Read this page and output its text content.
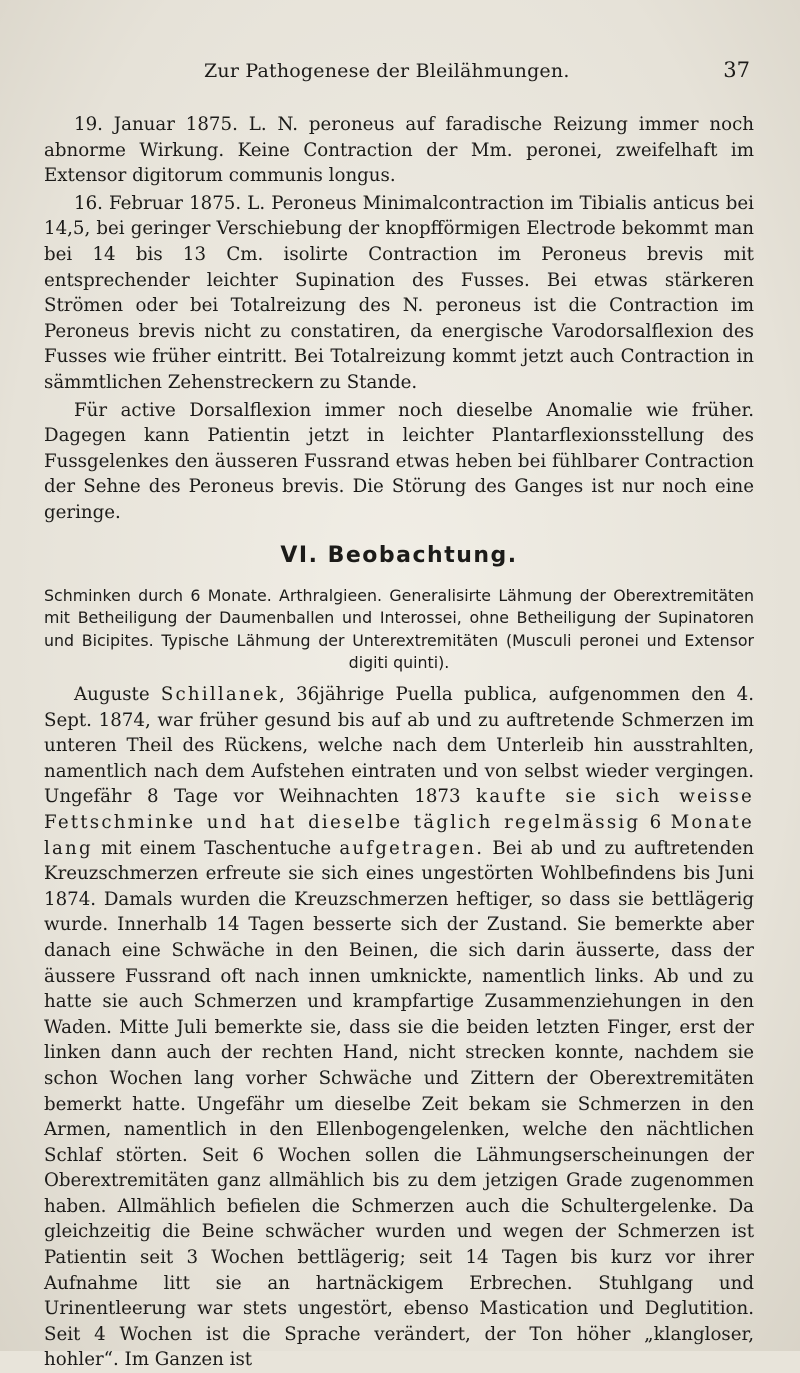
Zur Pathogenese der Bleilähmungen.	37

19. Januar 1875. L. N. peroneus auf faradische Reizung immer noch abnorme Wirkung. Keine Contraction der Mm. peronei, zweifelhaft im Extensor digitorum communis longus.

16. Februar 1875. L. Peroneus Minimalcontraction im Tibialis anticus bei 14,5, bei geringer Verschiebung der knopfförmigen Electrode bekommt man bei 14 bis 13 Cm. isolirte Contraction im Peroneus brevis mit entsprechender leichter Supination des Fusses. Bei etwas stärkeren Strömen oder bei Totalreizung des N. peroneus ist die Contraction im Peroneus brevis nicht zu constatiren, da energische Varodorsalflexion des Fusses wie früher eintritt. Bei Totalreizung kommt jetzt auch Contraction in sämmtlichen Zehenstreckern zu Stande.

Für active Dorsalflexion immer noch dieselbe Anomalie wie früher. Dagegen kann Patientin jetzt in leichter Plantarflexionsstellung des Fussgelenkes den äusseren Fussrand etwas heben bei fühlbarer Contraction der Sehne des Peroneus brevis. Die Störung des Ganges ist nur noch eine geringe.

VI. Beobachtung.
Schminken durch 6 Monate. Arthralgieen. Generalisirte Lähmung der Oberextremitäten mit Betheiligung der Daumenballen und Interossei, ohne Betheiligung der Supinatoren und Bicipites. Typische Lähmung der Unterextremitäten (Musculi peronei und Extensor digiti quinti).

Auguste Schillanek, 36jährige Puella publica, aufgenommen den 4. Sept. 1874, war früher gesund bis auf ab und zu auftretende Schmerzen im unteren Theil des Rückens, welche nach dem Unterleib hin ausstrahlten, namentlich nach dem Aufstehen eintraten und von selbst wieder vergingen. Ungefähr 8 Tage vor Weihnachten 1873 kaufte sie sich weisse Fettschminke und hat dieselbe täglich regelmässig 6 Monate lang mit einem Taschentuche aufgetragen. Bei ab und zu auftretenden Kreuzschmerzen erfreute sie sich eines ungestörten Wohlbefindens bis Juni 1874. Damals wurden die Kreuzschmerzen heftiger, so dass sie bettlägerig wurde. Innerhalb 14 Tagen besserte sich der Zustand. Sie bemerkte aber danach eine Schwäche in den Beinen, die sich darin äusserte, dass der äussere Fussrand oft nach innen umknickte, namentlich links. Ab und zu hatte sie auch Schmerzen und krampfartige Zusammenziehungen in den Waden. Mitte Juli bemerkte sie, dass sie die beiden letzten Finger, erst der linken dann auch der rechten Hand, nicht strecken konnte, nachdem sie schon Wochen lang vorher Schwäche und Zittern der Oberextremitäten bemerkt hatte. Ungefähr um dieselbe Zeit bekam sie Schmerzen in den Armen, namentlich in den Ellenbogengelenken, welche den nächtlichen Schlaf störten. Seit 6 Wochen sollen die Lähmungserscheinungen der Oberextremitäten ganz allmählich bis zu dem jetzigen Grade zugenommen haben. Allmählich befielen die Schmerzen auch die Schultergelenke. Da gleichzeitig die Beine schwächer wurden und wegen der Schmerzen ist Patientin seit 3 Wochen bettlägerig; seit 14 Tagen bis kurz vor ihrer Aufnahme litt sie an hartnäckigem Erbrechen. Stuhlgang und Urinentleerung war stets ungestört, ebenso Mastication und Deglutition. Seit 4 Wochen ist die Sprache verändert, der Ton höher „klangloser, hohler“. Im Ganzen ist
